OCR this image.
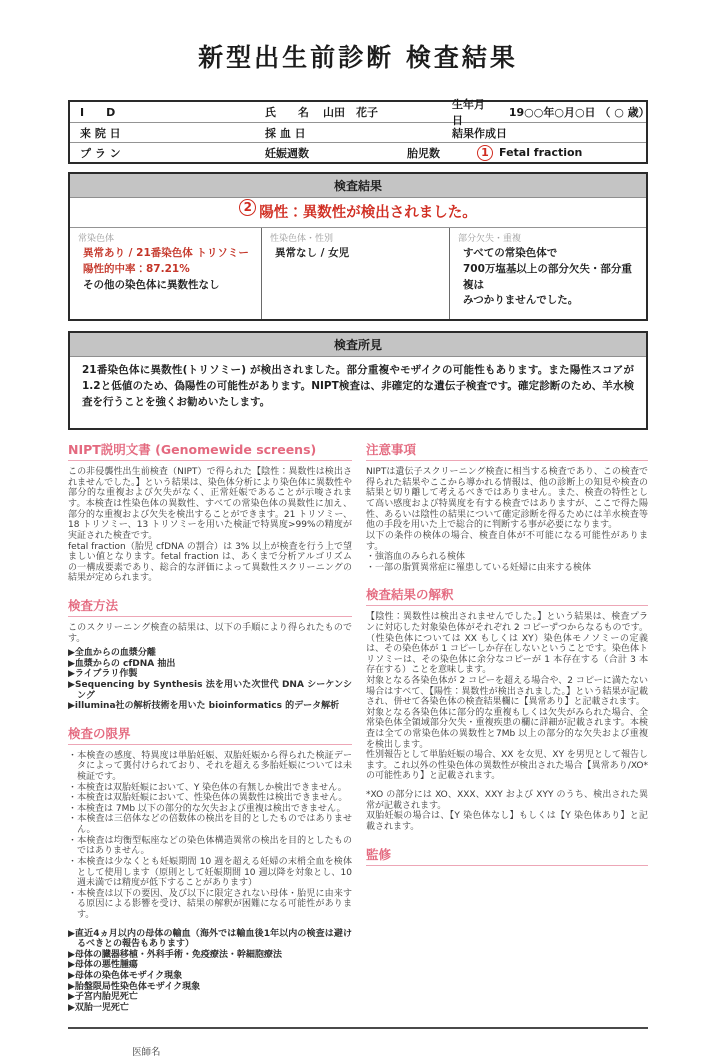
新型出生前診断 検査結果
I　　D	氏　　名 山田　花子
生年月日
19○○年○月○日 （ ○ 歳）
来 院 日	採 血 日	結果作成日
プ ラ ン	妊娠週数	胎児数	1 Fetal fraction
検査結果
2 陽性：異数性が検出されました。
常染色体
異常あり / 21番染色体 トリソミー
陽性的中率：87.21%
その他の染色体に異数性なし
性染色体・性別
異常なし / 女児
部分欠失・重複
すべての常染色体で
700万塩基以上の部分欠失・部分重複は
みつかりませんでした。
検査所見
21番染色体に異数性(トリソミー) が検出されました。部分重複やモザイクの可能性もあります。また陽性スコアが1.2と低値のため、偽陽性の可能性があります。NIPT検査は、非確定的な遺伝子検査です。確定診断のため、羊水検査を行うことを強くお勧めいたします。
NIPT説明文書 (Genomewide screens)

この非侵襲性出生前検査（NIPT）で得られた【陰性：異数性は検出されませんでした。】という結果は、染色体分析により染色体に異数性や部分的な重複および欠失がなく、正常妊娠であることが示唆されます。本検査は性染色体の異数性、すべての常染色体の異数性に加え、部分的な重複および欠失を検出することができます。21 トリソミー、18 トリソミー、13 トリソミーを用いた検証で特異度>99%の精度が実証された検査です。

fetal fraction（胎児 cfDNA の割合）は 3% 以上が検査を行う上で望ましい値となります。fetal fraction は、あくまで分析アルゴリズムの一構成要素であり、総合的な評価によって異数性スクリーニングの結果が定められます。

検査方法

このスクリーニング検査の結果は、以下の手順により得られたものです。

▶全血からの血漿分離

▶血漿からの cfDNA 抽出

▶ライブラリ作製

▶Sequencing by Synthesis 法を用いた次世代 DNA シーケンシング

▶illumina社の解析技術を用いた bioinformatics 的データ解析

検査の限界

・本検査の感度、特異度は単胎妊娠、双胎妊娠から得られた検証データによって裏付けられており、それを超える多胎妊娠については未検証です。

・本検査は双胎妊娠において、Y 染色体の有無しか検出できません。

・本検査は双胎妊娠において、性染色体の異数性は検出できません。

・本検査は 7Mb 以下の部分的な欠失および重複は検出できません。

・本検査は三倍体などの倍数体の検出を目的としたものではありません。

・本検査は均衡型転座などの染色体構造異常の検出を目的としたものではありません。

・本検査は少なくとも妊娠期間 10 週を超える妊婦の末梢全血を検体として使用します（原則として妊娠期間 10 週以降を対象とし、10 週未満では精度が低下することがあります）

・本検査は以下の要因、及び以下に限定されない母体・胎児に由来する原因による影響を受け、結果の解釈が困難になる可能性があります。

▶直近4ヵ月以内の母体の輸血（海外では輸血後1年以内の検査は避けるべきとの報告もあります）

▶母体の臓器移植・外科手術・免疫療法・幹細胞療法

▶母体の悪性腫瘍

▶母体の染色体モザイク現象

▶胎盤限局性染色体モザイク現象

▶子宮内胎児死亡

▶双胎一児死亡

注意事項

NIPTは遺伝子スクリーニング検査に相当する検査であり、この検査で得られた結果やここから導かれる情報は、他の診断上の知見や検査の結果と切り離して考えるべきではありません。また、検査の特性として高い感度および特異度を有する検査ではありますが、ここで得た陽性、あるいは陰性の結果について確定診断を得るためには羊水検査等他の手段を用いた上で総合的に判断する事が必要になります。

以下の条件の検体の場合、検査自体が不可能になる可能性があります。

・強溶血のみられる検体

・一部の脂質異常症に罹患している妊婦に由来する検体

検査結果の解釈

【陰性：異数性は検出されませんでした。】という結果は、検査プランに対応した対象染色体がそれぞれ 2 コピーずつからなるものです。（性染色体については XX もしくは XY）染色体モノソミーの定義は、その染色体が 1 コピーしか存在しないということです。染色体トリソミーは、その染色体に余分なコピーが 1 本存在する（合計 3 本存在する）ことを意味します。

対象となる各染色体が 2 コピーを超える場合や、2 コピーに満たない場合はすべて、【陽性：異数性が検出されました。】という結果が記載され、併せて各染色体の検査結果欄に【異常あり】と記載されます。

対象となる各染色体に部分的な重複もしくは欠失がみられた場合、全常染色体全領域部分欠失・重複疾患の欄に詳細が記載されます。本検査は全ての常染色体の異数性と7Mb 以上の部分的な欠失および重複を検出します。

性別報告として単胎妊娠の場合、XX を女児、XY を男児として報告します。これ以外の性染色体の異数性が検出された場合【異常あり/XO* の可能性あり】と記載されます。

*XO の部分には XO、XXX、XXY および XYY のうち、検出された異常が記載されます。

双胎妊娠の場合は、【Y 染色体なし】もしくは【Y 染色体あり】と記載されます。

監修
医師名
